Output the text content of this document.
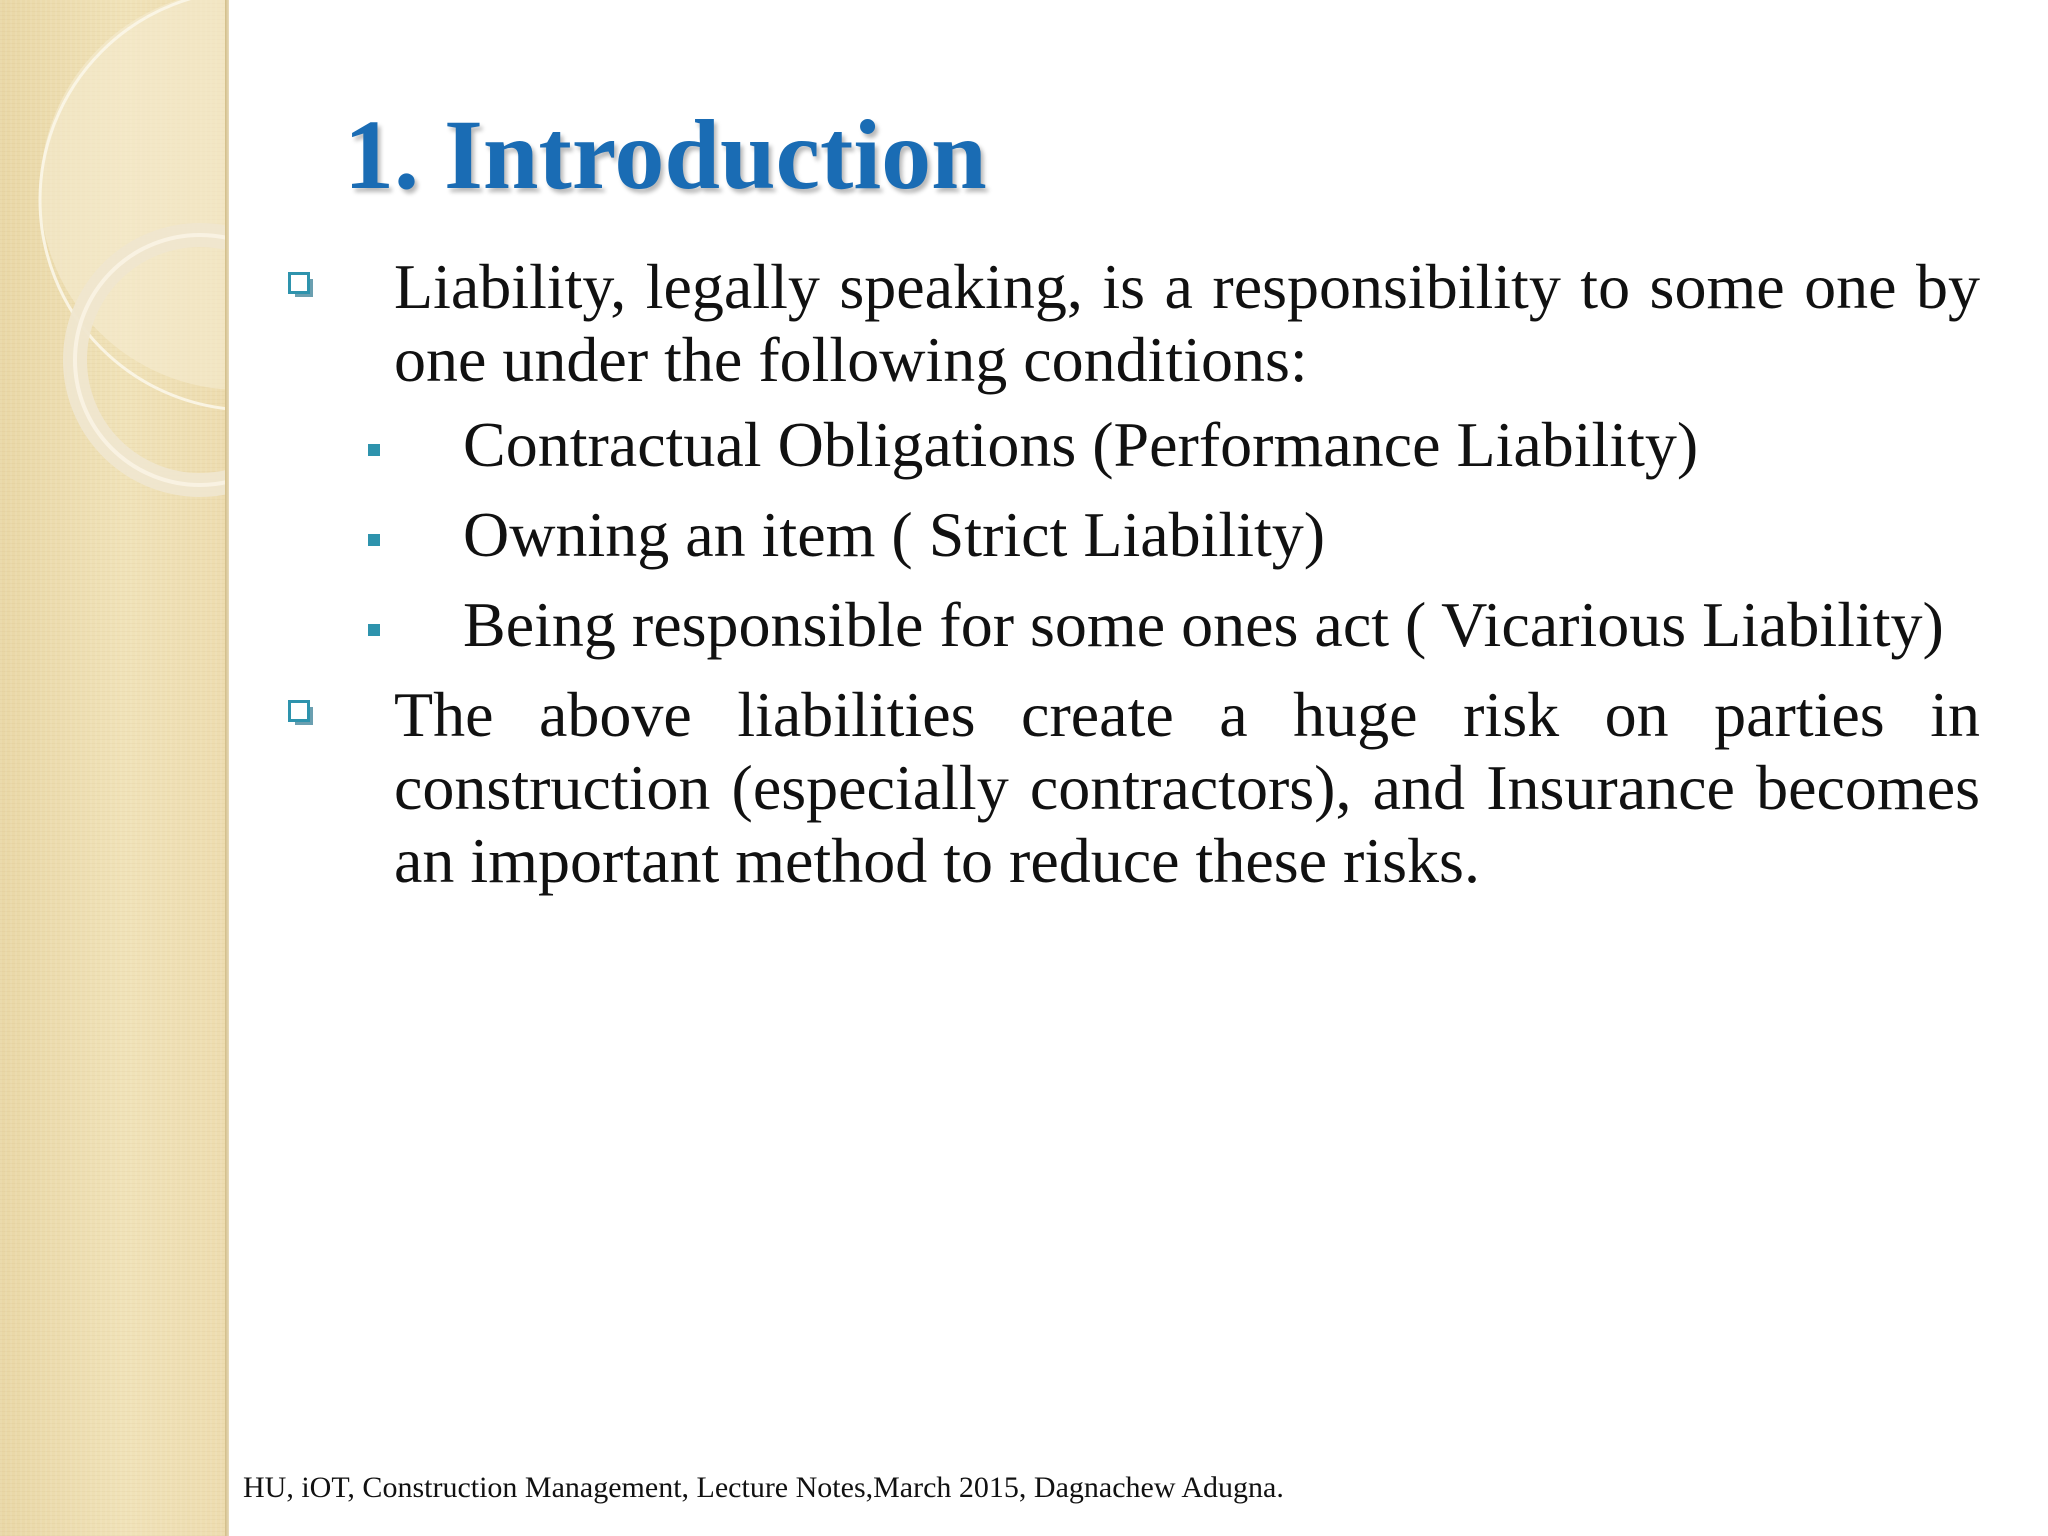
1. Introduction
Liability, legally speaking, is a responsibility to some one by one under the following conditions:
Contractual Obligations (Performance Liability)
Owning an item ( Strict Liability)
Being responsible for some ones act ( Vicarious Liability)
The above liabilities create a huge risk on parties in construction (especially contractors), and Insurance becomes an important method to reduce these risks.
HU, iOT, Construction Management, Lecture Notes,March 2015, Dagnachew Adugna.
